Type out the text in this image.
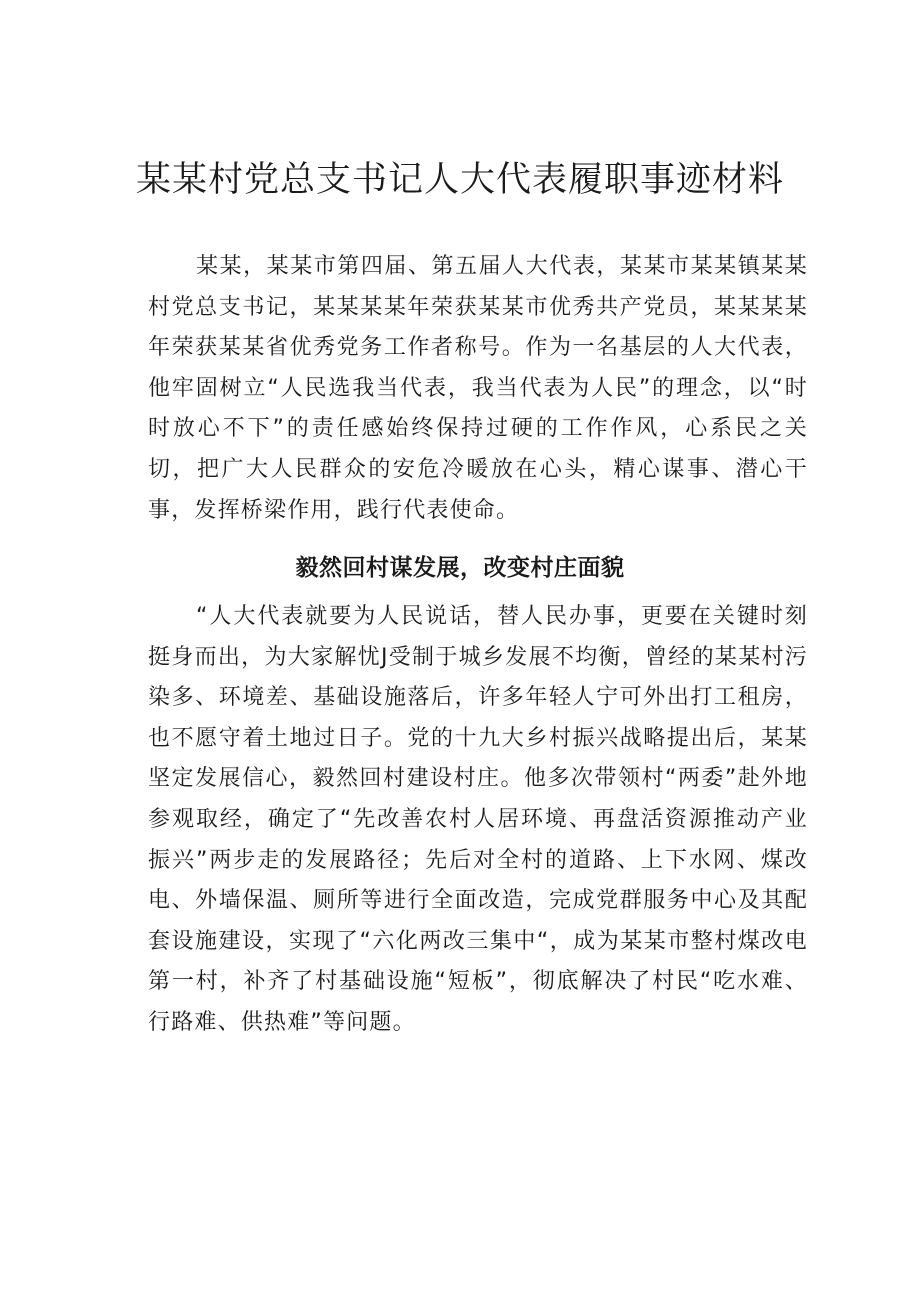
某某村党总支书记人大代表履职事迹材料

某某，某某市第四届、第五届人大代表，某某市某某镇某某村党总支书记，某某某某年荣获某某市优秀共产党员，某某某某年荣获某某省优秀党务工作者称号。作为一名基层的人大代表，他牢固树立“人民选我当代表，我当代表为人民”的理念，以“时时放心不下”的责任感始终保持过硬的工作作风，心系民之关切，把广大人民群众的安危冷暖放在心头，精心谋事、潜心干事，发挥桥梁作用，践行代表使命。

毅然回村谋发展，改变村庄面貌

“人大代表就要为人民说话，替人民办事，更要在关键时刻挺身而出，为大家解忧J受制于城乡发展不均衡，曾经的某某村污染多、环境差、基础设施落后，许多年轻人宁可外出打工租房，也不愿守着土地过日子。党的十九大乡村振兴战略提出后，某某坚定发展信心，毅然回村建设村庄。他多次带领村“两委”赴外地参观取经，确定了“先改善农村人居环境、再盘活资源推动产业振兴”两步走的发展路径；先后对全村的道路、上下水网、煤改电、外墙保温、厕所等进行全面改造，完成党群服务中心及其配套设施建设，实现了“六化两改三集中“，成为某某市整村煤改电第一村，补齐了村基础设施“短板”，彻底解决了村民“吃水难、行路难、供热难”等问题。
